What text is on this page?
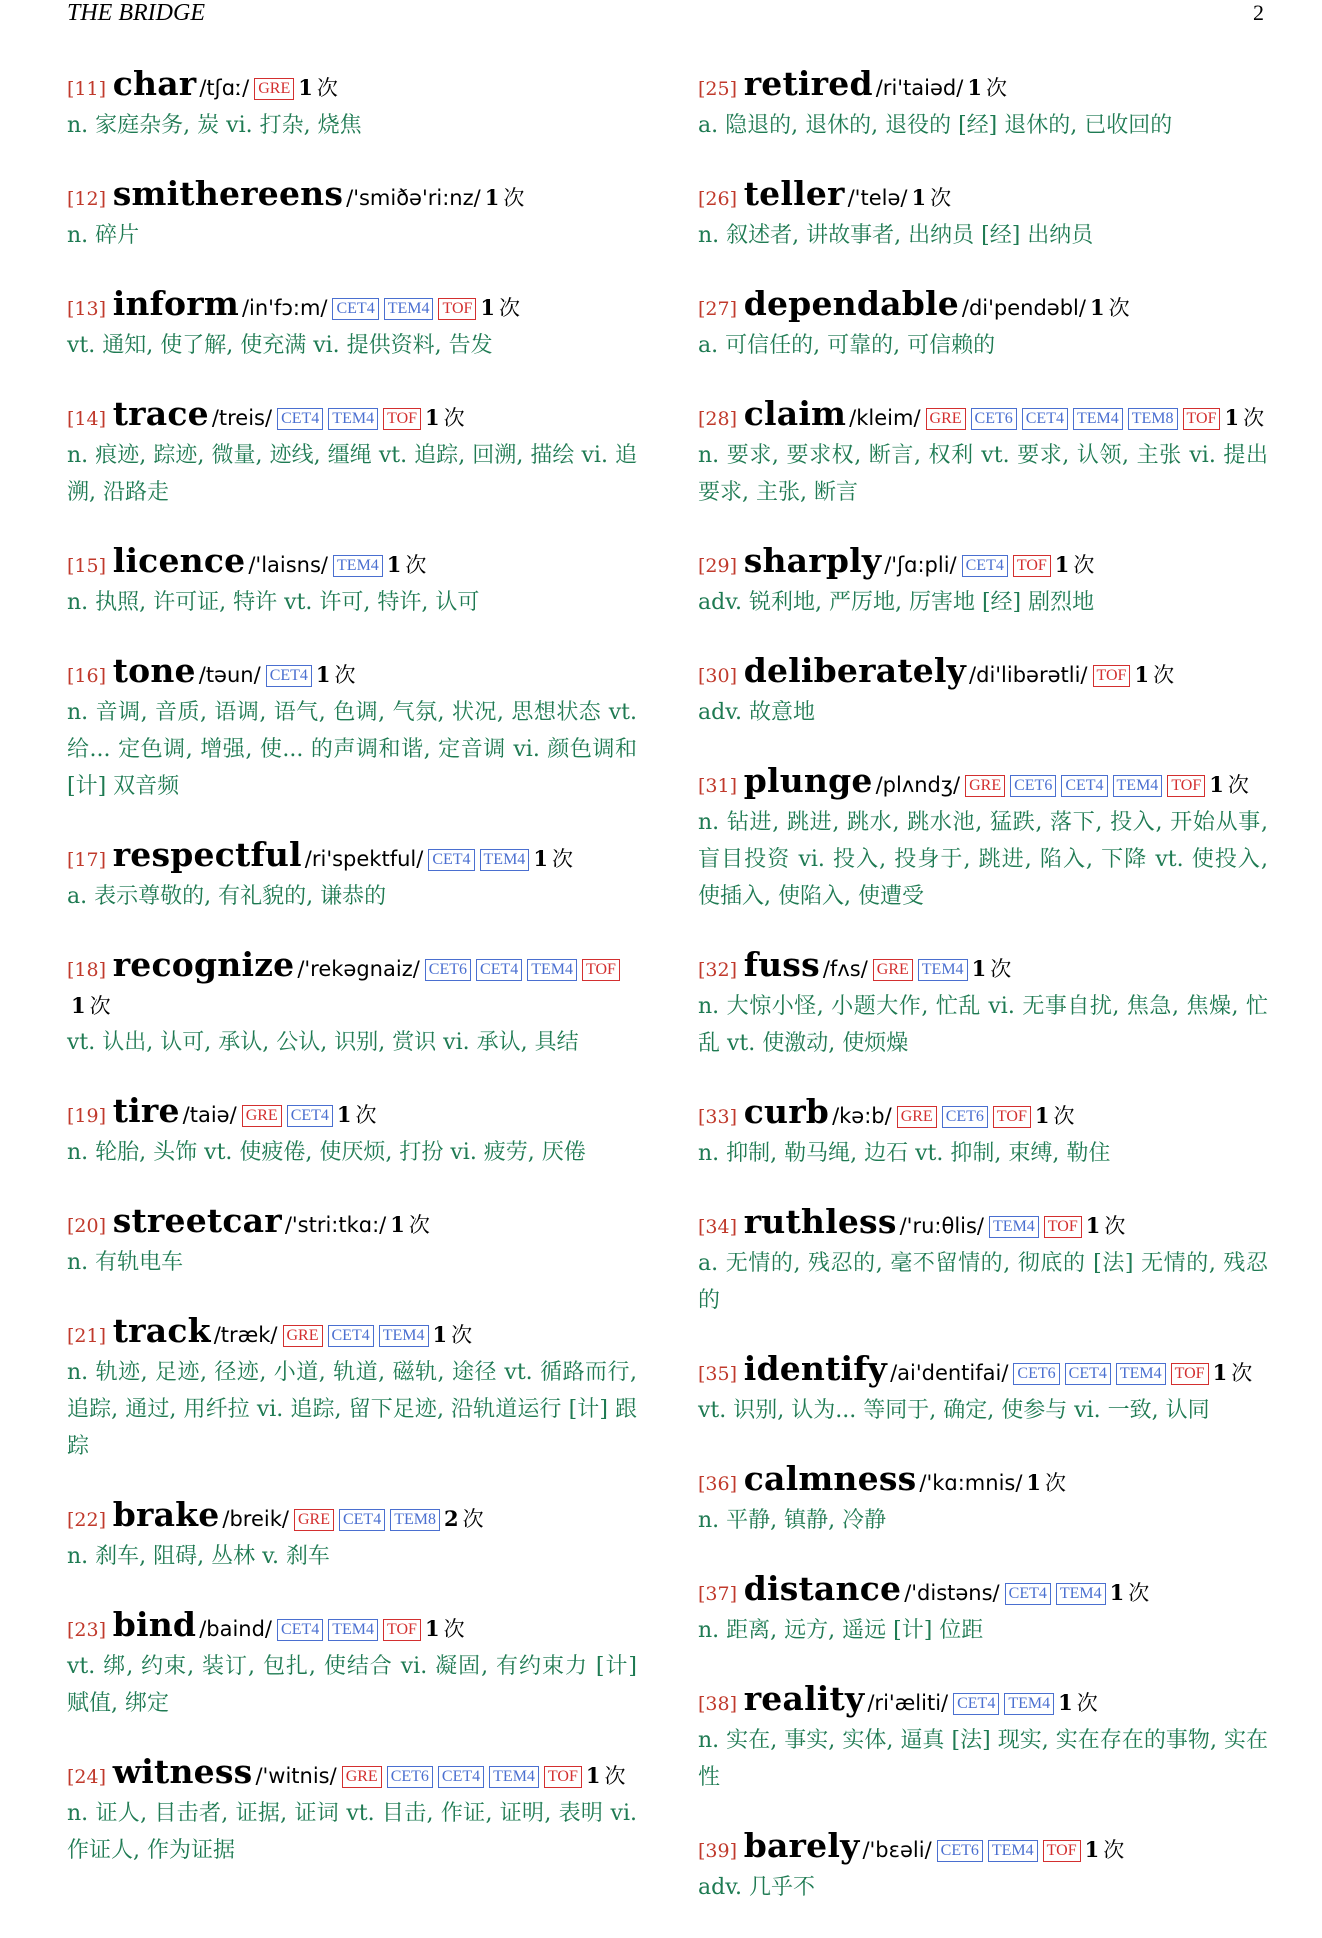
THE BRIDGE	2
[11] char /tʃɑː/ GRE 1 次
n. 家庭杂务, 炭 vi. 打杂, 烧焦
[12] smithereens /'smiðə'ri:nz/ 1 次
n. 碎片
[13] inform /in'fɔ:m/ CET4 TEM4 TOF 1 次
vt. 通知, 使了解, 使充满 vi. 提供资料, 告发
[14] trace /treis/ CET4 TEM4 TOF 1 次
n. 痕迹, 踪迹, 微量, 迹线, 缰绳 vt. 追踪, 回溯, 描绘 vi. 追溯, 沿路走
[15] licence /'laisns/ TEM4 1 次
n. 执照, 许可证, 特许 vt. 许可, 特许, 认可
[16] tone /təun/ CET4 1 次
n. 音调, 音质, 语调, 语气, 色调, 气氛, 状况, 思想状态 vt. 给... 定色调, 增强, 使... 的声调和谐, 定音调 vi. 颜色调和 [计] 双音频
[17] respectful /ri'spektful/ CET4 TEM4 1 次
a. 表示尊敬的, 有礼貌的, 谦恭的
[18] recognize /'rekəgnaiz/ CET6 CET4 TEM4 TOF1 次
vt. 认出, 认可, 承认, 公认, 识别, 赏识 vi. 承认, 具结
[19] tire /taiə/ GRE CET4 1 次
n. 轮胎, 头饰 vt. 使疲倦, 使厌烦, 打扮 vi. 疲劳, 厌倦
[20] streetcar /'stri:tkɑ:/ 1 次
n. 有轨电车
[21] track /træk/ GRE CET4 TEM4 1 次
n. 轨迹, 足迹, 径迹, 小道, 轨道, 磁轨, 途径 vt. 循路而行, 追踪, 通过, 用纤拉 vi. 追踪, 留下足迹, 沿轨道运行 [计] 跟踪
[22] brake /breik/ GRE CET4 TEM8 2 次
n. 刹车, 阻碍, 丛林 v. 刹车
[23] bind /baind/ CET4 TEM4 TOF 1 次
vt. 绑, 约束, 装订, 包扎, 使结合 vi. 凝固, 有约束力 [计] 赋值, 绑定
[24] witness /'witnis/ GRE CET6 CET4 TEM4 TOF 1 次
n. 证人, 目击者, 证据, 证词 vt. 目击, 作证, 证明, 表明 vi. 作证人, 作为证据
[25] retired /ri'taiəd/ 1 次
a. 隐退的, 退休的, 退役的 [经] 退休的, 已收回的
[26] teller /'telə/ 1 次
n. 叙述者, 讲故事者, 出纳员 [经] 出纳员
[27] dependable /di'pendəbl/ 1 次
a. 可信任的, 可靠的, 可信赖的
[28] claim /kleim/ GRE CET6 CET4 TEM4 TEM8 TOF 1 次
n. 要求, 要求权, 断言, 权利 vt. 要求, 认领, 主张 vi. 提出要求, 主张, 断言
[29] sharply /'ʃɑ:pli/ CET4 TOF 1 次
adv. 锐利地, 严厉地, 厉害地 [经] 剧烈地
[30] deliberately /di'libərətli/ TOF 1 次
adv. 故意地
[31] plunge /plʌndʒ/ GRE CET6 CET4 TEM4 TOF 1 次
n. 钻进, 跳进, 跳水, 跳水池, 猛跌, 落下, 投入, 开始从事, 盲目投资 vi. 投入, 投身于, 跳进, 陷入, 下降 vt. 使投入, 使插入, 使陷入, 使遭受
[32] fuss /fʌs/ GRE TEM4 1 次
n. 大惊小怪, 小题大作, 忙乱 vi. 无事自扰, 焦急, 焦燥, 忙乱 vt. 使激动, 使烦燥
[33] curb /kə:b/ GRE CET6 TOF 1 次
n. 抑制, 勒马绳, 边石 vt. 抑制, 束缚, 勒住
[34] ruthless /'ru:θlis/ TEM4 TOF 1 次
a. 无情的, 残忍的, 毫不留情的, 彻底的 [法] 无情的, 残忍的
[35] identify /ai'dentifai/ CET6 CET4 TEM4 TOF 1 次
vt. 识别, 认为... 等同于, 确定, 使参与 vi. 一致, 认同
[36] calmness /'kɑ:mnis/ 1 次
n. 平静, 镇静, 冷静
[37] distance /'distəns/ CET4 TEM4 1 次
n. 距离, 远方, 遥远 [计] 位距
[38] reality /ri'æliti/ CET4 TEM4 1 次
n. 实在, 事实, 实体, 逼真 [法] 现实, 实在存在的事物, 实在性
[39] barely /'bɛəli/ CET6 TEM4 TOF 1 次
adv. 几乎不
